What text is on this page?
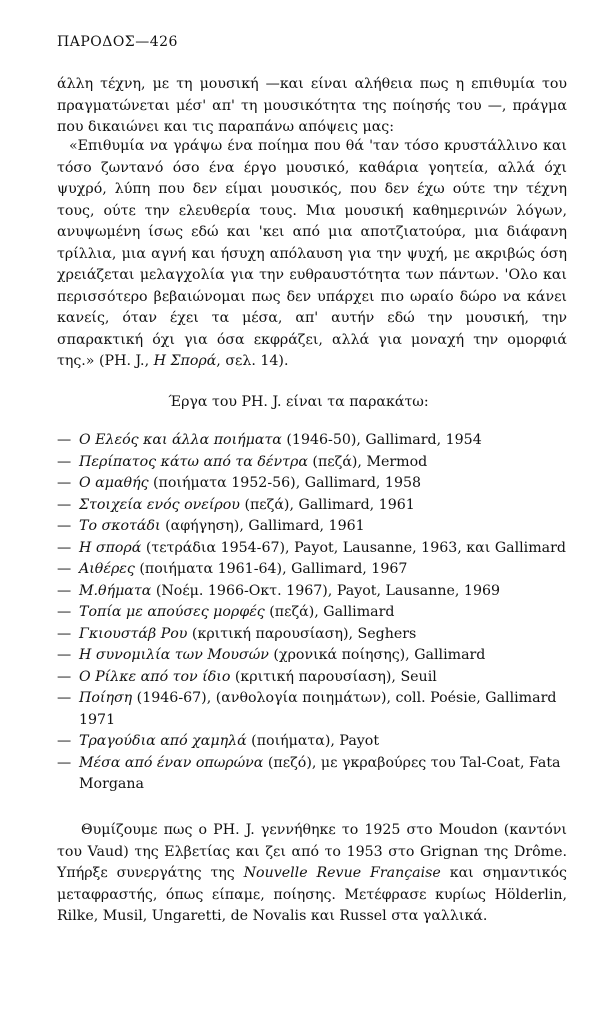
ΠΑΡΟΔΟΣ—426
άλλη τέχνη, με τη μουσική —και είναι αλήθεια πως η επιθυμία του πραγματώνεται μέσ' απ' τη μουσικότητα της ποίησής του —, πράγμα που δικαιώνει και τις παραπάνω απόψεις μας:
«Επιθυμία να γράψω ένα ποίημα που θά 'ταν τόσο κρυστάλλινο και τόσο ζωντανό όσο ένα έργο μουσικό, καθάρια γοητεία, αλλά όχι ψυχρό, λύπη που δεν είμαι μουσικός, που δεν έχω ούτε την τέχνη τους, ούτε την ελευθερία τους. Μια μουσική καθημερινών λόγων, ανυψωμένη ίσως εδώ και 'κει από μια αποτζιατούρα, μια διάφανη τρίλλια, μια αγνή και ήσυχη απόλαυση για την ψυχή, με ακριβώς όση χρειάζεται μελαγχολία για την ευθραυστότητα των πάντων. 'Ολο και περισσότερο βεβαιώνομαι πως δεν υπάρχει πιο ωραίο δώρο να κάνει κανείς, όταν έχει τα μέσα, απ' αυτήν εδώ την μουσική, την σπαρακτική όχι για όσα εκφράζει, αλλά για μοναχή την ομορφιά της.» (PH. J., Η Σπορά, σελ. 14).
Έργα του PH. J. είναι τα παρακάτω:
— Ο Ελεός και άλλα ποιήματα (1946-50), Gallimard, 1954
— Περίπατος κάτω από τα δέντρα (πεζά), Mermod
— Ο αμαθής (ποιήματα 1952-56), Gallimard, 1958
— Στοιχεία ενός ονείρου (πεζά), Gallimard, 1961
— Το σκοτάδι (αφήγηση), Gallimard, 1961
— Η σπορά (τετράδια 1954-67), Payot, Lausanne, 1963, και Gallimard
— Αιθέρες (ποιήματα 1961-64), Gallimard, 1967
— Μ.θήματα (Νοέμ. 1966-Οκτ. 1967), Payot, Lausanne, 1969
— Τοπία με απούσες μορφές (πεζά), Gallimard
— Γκιουστάβ Ρου (κριτική παρουσίαση), Seghers
— Η συνομιλία των Μουσών (χρονικά ποίησης), Gallimard
— Ο Ρίλκε από τον ίδιο (κριτική παρουσίαση), Seuil
— Ποίηση (1946-67), (ανθολογία ποιημάτων), coll. Poésie, Gallimard 1971
— Τραγούδια από χαμηλά (ποιήματα), Payot
— Μέσα από έναν οπωρώνα (πεζό), με γκραβούρες του Tal-Coat, Fata Morgana
Θυμίζουμε πως ο PH. J. γεννήθηκε το 1925 στο Moudon (καντόνι του Vaud) της Ελβετίας και ζει από το 1953 στο Grignan της Drôme. Υπήρξε συνεργάτης της Nouvelle Revue Française και σημαντικός μεταφραστής, όπως είπαμε, ποίησης. Μετέφρασε κυρίως Hölderlin, Rilke, Musil, Ungaretti, de Novalis και Russel στα γαλλικά.
